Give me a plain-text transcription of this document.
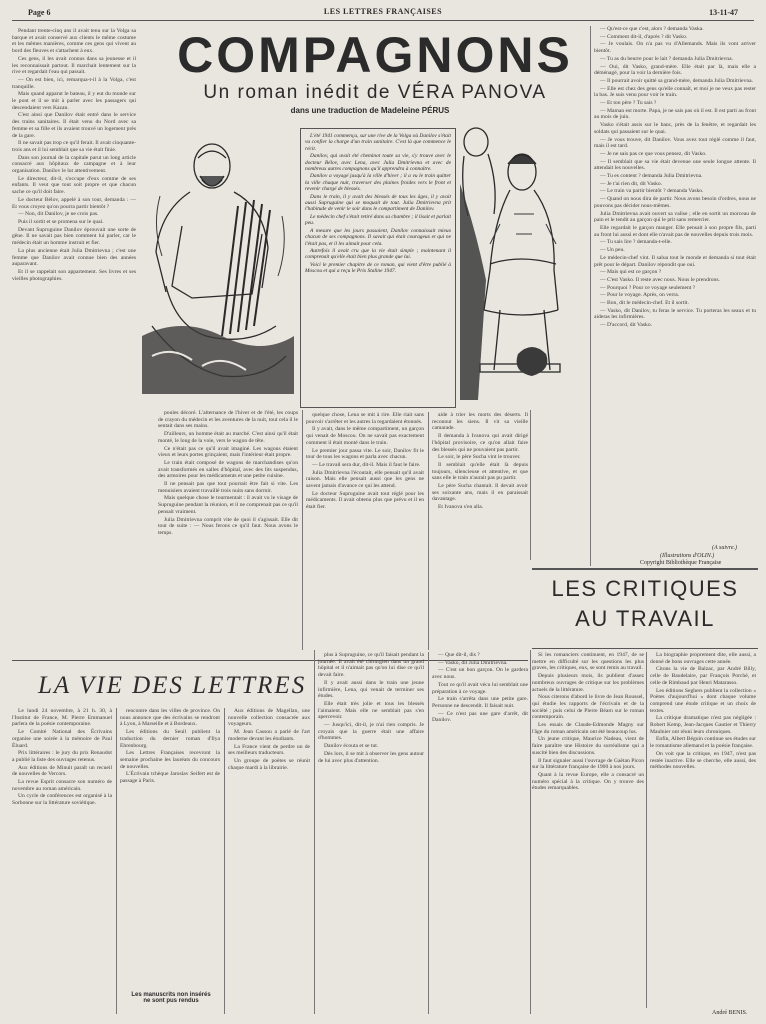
Page 6	LES LETTRES FRANÇAISES	13-11-47

Pendant trente-cinq ans il avait tenu sur la Volga sa barque et avait conservé aux clients le même costume et les mêmes manières, comme ces gens qui vivent au bord des fleuves et s'attachent à eux.

Ces gens, il les avait connus dans sa jeunesse et il les reconnaissait partout. Il marchait lentement sur la rive et regardait l'eau qui passait.

— On est bien, ici, remarqua-t-il à la Volga, c'est tranquille.

Mais quand apparut le bateau, il y eut du monde sur le pont et il se mit à parler avec les passagers qui descendaient vers Kazan.

C'est ainsi que Danilov était entré dans le service des trains sanitaires. Il était venu du Nord avec sa femme et sa fille et ils avaient trouvé un logement près de la gare.

Il ne savait pas trop ce qu'il ferait. Il avait cinquante-trois ans et il lui semblait que sa vie était finie.

Dans son journal de la capitale parut un long article consacré aux hôpitaux de campagne et à leur organisation. Danilov le lut attentivement.

Le directeur, dit-il, s'occupe d'eux comme de ses enfants. Il veut que tout soit propre et que chacun sache ce qu'il doit faire.

Le docteur Bélov, appelé à son tour, demanda : — Et vous croyez qu'on pourra partir bientôt ?

— Non, dit Danilov, je ne crois pas.

Puis il sortit et se promena sur le quai.

Devant Supruguine Danilov éprouvait une sorte de gêne. Il ne savait pas bien comment lui parler, car le médecin était un homme instruit et fier.

La plus ancienne était Julia Dmitrievna ; c'est une femme que Danilov avait connue bien des années auparavant.

Et il se rappelait son appartement. Ses livres et ses vieilles photographies.

COMPAGNONS
Un roman inédit de VÉRA PANOVA
dans une traduction de Madeleine PÉRUS

L'été 1941 commença, sur une rive de la Volga où Danilov s'était vu confier la charge d'un train sanitaire. C'est là que commence le récit.

Danilov, qui avait été cheminot toute sa vie, s'y trouve avec le docteur Bélov, avec Lena, avec Julia Dmitrievna et avec de nombreux autres compagnons qu'il apprendra à connaître.

Danilov a voyagé jusqu'à la ville d'hiver ; il a vu le train quitter la ville chaque nuit, traverser des plaines froides vers le front et revenir chargé de blessés.

Dans le train, il y avait des blessés de tous les âges, il y avait aussi Supruguine qui se moquait de tout. Julia Dmitrievna prit l'habitude de venir le soir dans le compartiment de Danilov.

Le médecin chef s'était retiré dans sa chambre ; il lisait et parlait peu.

A mesure que les jours passaient, Danilov connaissait mieux chacun de ses compagnons. Il savait qui était courageux et qui ne l'était pas, et il les aimait pour cela.

Autrefois il avait cru que la vie était simple ; maintenant il comprenait qu'elle était bien plus grande que lui.

Voici le premier chapitre de ce roman, qui vient d'être publié à Moscou et qui a reçu le Prix Staline 1947.

— Qu'est-ce que c'est, alors ? demanda Vaska.

— Comment dit-il, d'après ? dit Vasko.

— Je voulais. On n'a pas vu d'Allemands. Mais ils vont arriver bientôt.

— Tu as du beurre pour le lait ? demanda Julia Dmitrievna.

— Oui, dit Vasko, grand-mère. Elle était par là, mais elle a déménagé, pour la voir la dernière fois.

— Il pourrait avoir quitté sa grand-mère, demanda Julia Dmitrievna.

— Elle est chez des gens qu'elle connaît, et moi je ne veux pas rester la bas. Je suis venu pour voir le train.

— Et ton père ? Tu sais ?

— Maman est morte. Papa, je ne sais pas où il est. Il est parti au front au mois de juin.

Vasko s'était assis sur le banc, près de la fenêtre, et regardait les soldats qui passaient sur le quai.

— Je vous trouve, dit Danilov. Vous avez tout réglé comme il faut, mais il est tard.

— Je ne sais pas ce que vous pensez, dit Vasko.

— Il semblait que sa vie était devenue une seule longue attente. Il attendait les nouvelles.

— Tu es content ? demanda Julia Dmitrievna.

— Je t'ai rien dit, dit Vasko.

— Le train va partir bientôt ? demanda Vasko.

— Quand on nous dira de partir. Nous avons besoin d'ordres, nous ne pouvons pas décider nous-mêmes.

Julia Dmitrievna avait ouvert sa valise ; elle en sortit un morceau de pain et le tendit au garçon qui le prit sans remercier.

Elle regardait le garçon manger. Elle pensait à son propre fils, parti au front lui aussi et dont elle n'avait pas de nouvelles depuis trois mois.

— Tu sais lire ? demanda-t-elle.

— Un peu.

Le médecin-chef vint. Il salua tout le monde et demanda si tout était prêt pour le départ. Danilov répondit que oui.

— Mais qui est ce garçon ?

— C'est Vasko. Il reste avec nous. Nous le prendrons.

— Pourquoi ? Pour ce voyage seulement ?

— Pour le voyage. Après, on verra.

— Bon, dit le médecin-chef. Et il sortit.

— Vasko, dit Danilov, tu feras le service. Tu porteras les seaux et tu aideras les infirmières.

— D'accord, dit Vasko.

(A suivre.)
(Illustrations d'OLIN.)
Copyright Bibliothèque Française

poules décoré. L'alternance de l'hiver et de l'été, les coups de crayon du médecin et les aventures de la nuit, tout cela il le sentait dans ses mains.

D'ailleurs, un homme était au marché. C'est ainsi qu'il était monté, le long de la voie, vers le wagon de tête.

Ce n'était pas ce qu'il avait imaginé. Les wagons étaient vieux et leurs portes grinçaient, mais l'intérieur était propre.

Le train était composé de wagons de marchandises qu'on avait transformés en salles d'hôpital, avec des lits suspendus, des armoires pour les médicaments et une petite cuisine.

Il ne pensait pas que tout pourrait être fait si vite. Les menuisiers avaient travaillé trois nuits sans dormir.

Mais quelque chose le tourmentait : il avait vu le visage de Supruguine pendant la réunion, et il ne comprenait pas ce qu'il pensait vraiment.

Julia Dmitrievna comprit vite de quoi il s'agissait. Elle dit tout de suite : — Nous ferons ce qu'il faut. Nous avons le temps.

quelque chose, Lena se mit à rire. Elle riait sans pouvoir s'arrêter et les autres la regardaient étonnés.

Il y avait, dans le même compartiment, un garçon qui venait de Moscou. On ne savait pas exactement comment il était monté dans le train.

Le premier jour passa vite. Le soir, Danilov fit le tour de tous les wagons et parla avec chacun.

— Le travail sera dur, dit-il. Mais il faut le faire.

Julia Dmitrievna l'écoutait, elle pensait qu'il avait raison. Mais elle pensait aussi que les gens ne savent jamais d'avance ce qui les attend.

Le docteur Supruguine avait tout réglé pour les médicaments. Il avait obtenu plus que prévu et il en était fier.

aide à trier les morts des déserts. Il reconnut les siens. Il vit sa vieille camarade.

Il demanda à Ivanova qui avait dirigé l'hôpital provisoire, ce qu'on allait faire des blessés qui ne pouvaient pas partir.

Le soir, le père Sucha vint le trouver.

Il semblait qu'elle était là depuis toujours, silencieuse et attentive, et que sans elle le train n'aurait pas pu partir.

Le père Sucha chantait. Il devait avoir ses soixante ans, mais il en paraissait davantage.

Et Ivanova s'en alla.

LES CRITIQUES
AU TRAVAIL

Si les romanciers continuent, en 1947, de se mettre en difficulté sur les questions les plus graves, les critiques, eux, se sont remis au travail.

Depuis plusieurs mois, ils publient d'assez nombreux ouvrages de critique sur les problèmes actuels de la littérature.

Nous citerons d'abord le livre de Jean Roussel, qui étudie les rapports de l'écrivain et de la société ; puis celui de Pierre Béarn sur le roman contemporain.

Les essais de Claude-Edmonde Magny sur l'âge du roman américain ont été beaucoup lus.

Un jeune critique, Maurice Nadeau, vient de faire paraître une Histoire du surréalisme qui a suscité bien des discussions.

Il faut signaler aussi l'ouvrage de Gaëtan Picon sur la littérature française de 1900 à nos jours.

Quant à la revue Europe, elle a consacré un numéro spécial à la critique. On y trouve des études remarquables.

La biographie proprement dite, elle aussi, a donné de bons ouvrages cette année.

Citons la vie de Balzac, par André Billy, celle de Baudelaire, par François Porché, et celle de Rimbaud par Henri Matarasso.

Les éditions Seghers publient la collection « Poètes d'aujourd'hui » dont chaque volume comprend une étude critique et un choix de textes.

La critique dramatique n'est pas négligée : Robert Kemp, Jean-Jacques Gautier et Thierry Maulnier ont réuni leurs chroniques.

Enfin, Albert Béguin continue ses études sur le romantisme allemand et la poésie française.

On voit que la critique, en 1947, n'est pas restée inactive. Elle se cherche, elle aussi, des méthodes nouvelles.

André BENIS.
LA VIE DES LETTRES

Le lundi 24 novembre, à 21 h. 30, à l'Institut de France, M. Pierre Emmanuel parlera de la poésie contemporaine.

Le Comité National des Écrivains organise une soirée à la mémoire de Paul Éluard.

Prix littéraires : le jury du prix Renaudot a publié la liste des ouvrages retenus.

Aux éditions de Minuit paraît un recueil de nouvelles de Vercors.

La revue Esprit consacre son numéro de novembre au roman américain.

Un cycle de conférences est organisé à la Sorbonne sur la littérature soviétique.

rencontre dans les villes de province. On nous annonce que des écrivains se rendront à Lyon, à Marseille et à Bordeaux.

Les éditions du Seuil publient la traduction du dernier roman d'Ilya Ehrenbourg.

Les Lettres Françaises recevront la semaine prochaine les lauréats du concours de nouvelles.

L'Écrivain tchèque Jaroslav Seifert est de passage à Paris.

Les manuscrits non insérés
ne sont pus rendus

Aux éditions de Magellan, une nouvelle collection consacrée aux voyageurs.

M. Jean Cassou a parlé de l'art moderne devant les étudiants.

La France vient de perdre un de ses meilleurs traducteurs.

Un groupe de poètes se réunit chaque mardi à la librairie.

plus à Supruguine, ce qu'il faisait pendant la journée. Il avait été chirurgien dans un grand hôpital et il n'aimait pas qu'on lui dise ce qu'il devait faire.

Il y avait aussi dans le train une jeune infirmière, Lena, qui venait de terminer ses études.

Elle était très jolie et tous les blessés l'aimaient. Mais elle ne semblait pas s'en apercevoir.

— Jusqu'ici, dit-il, je n'ai rien compris. Je croyais que la guerre était une affaire d'hommes.

Danilov écouta et se tut.

Dès lors, il se mit à observer les gens autour de lui avec plus d'attention.

— Que dit-il, dis ?

— Vasko, dit Julia Dmitrievna.

— C'est un bon garçon. On le gardera avec nous.

Tout ce qu'il avait vécu lui semblait une préparation à ce voyage.

Le train s'arrêta dans une petite gare. Personne ne descendit. Il faisait nuit.

— Ce n'est pas une gare d'arrêt, dit Danilov.
